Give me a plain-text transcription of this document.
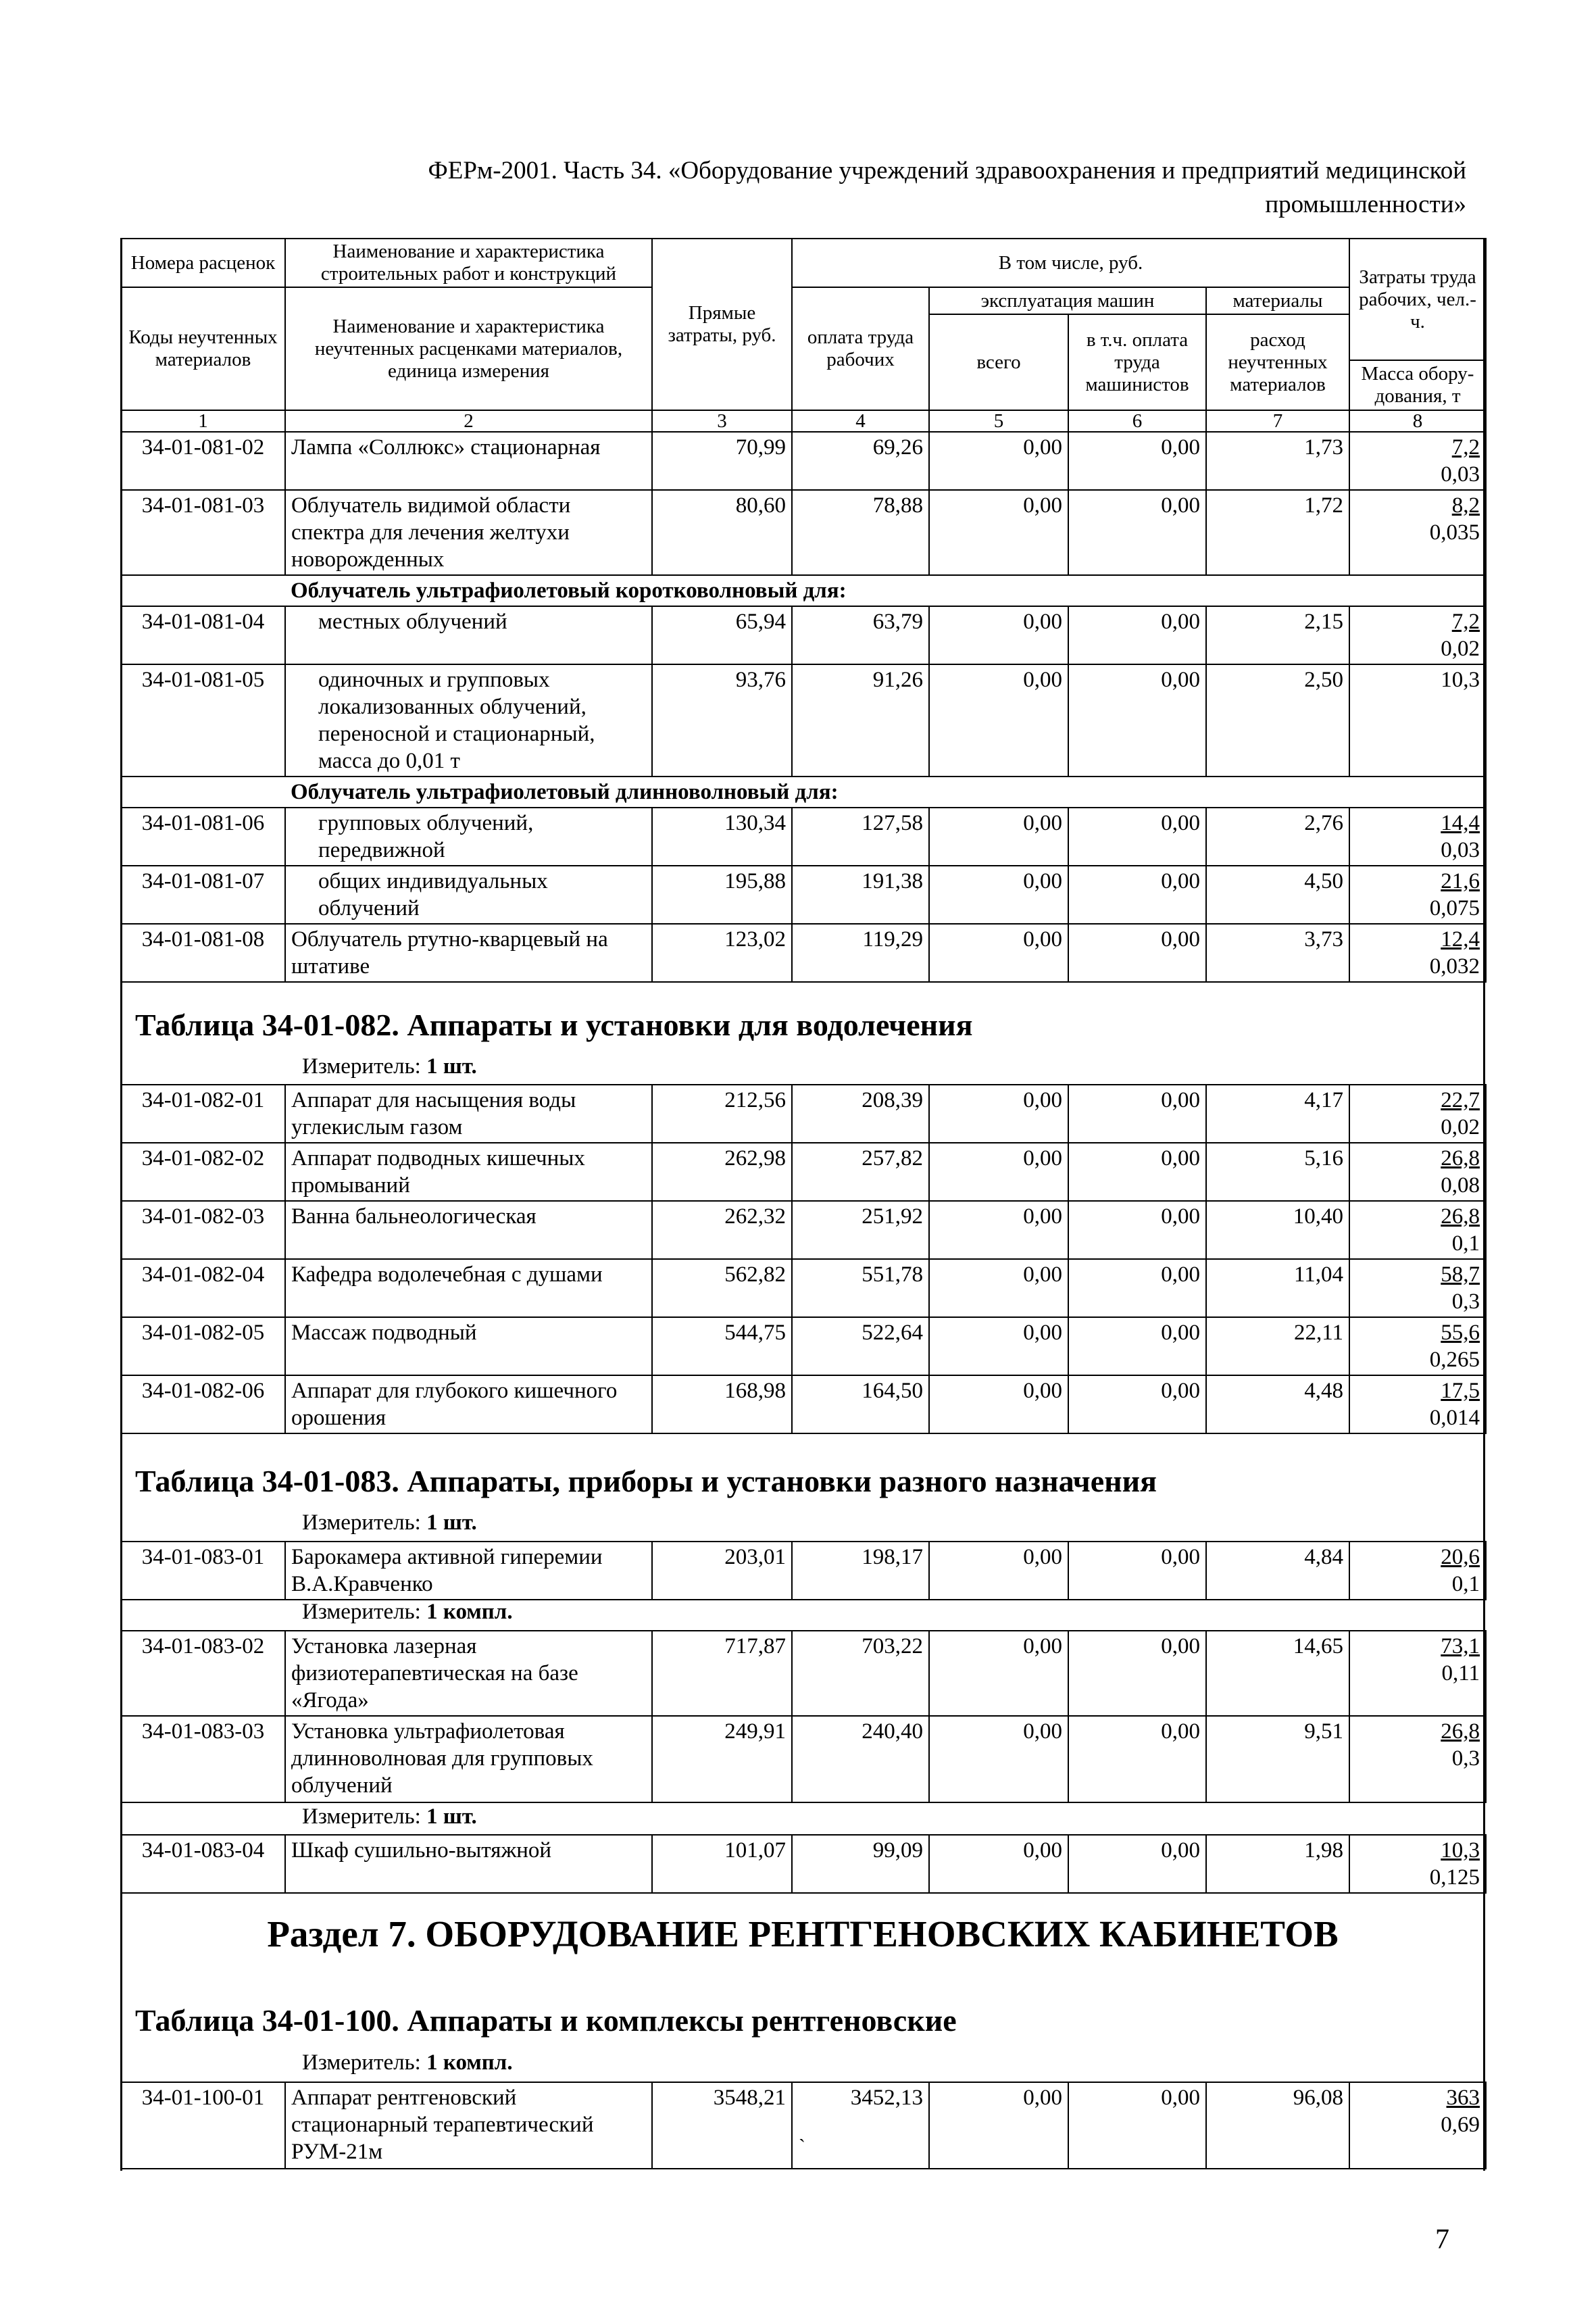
ФЕРм-2001. Часть 34. «Оборудование учреждений здравоохранения и предприятий медицинской
промышленности»
Номера расценок	Наименование и характеристика строительных работ и конструкций	Прямые затраты, руб.	В том числе, руб.				Затраты труда рабочих, чел.-ч.
Коды неучтенных материалов	Наименование и характеристика неучтенных расценками материалов, единица измерения		оплата труда рабочих	эксплуатация машин		материалы	
				всего	в т.ч. оплата труда машинистов	расход неучтенных материалов	
							Масса обору-дования, т
1	2	3	4	5	6	7	8
34-01-081-02	Лампа «Соллюкс» стационарная	70,99	69,26	0,00	0,00	1,73	7,2
0,03
34-01-081-03	Облучатель видимой области спектра для лечения желтухи новорожденных	80,60	78,88	0,00	0,00	1,72	8,2
0,035
Облучатель ультрафиолетовый коротковолновый для:							
34-01-081-04	местных облучений	65,94	63,79	0,00	0,00	2,15	7,2
0,02
34-01-081-05	одиночных и групповых локализованных облучений, переносной и стационарный, масса до 0,01 т	93,76	91,26	0,00	0,00	2,50	10,3
Облучатель ультрафиолетовый длинноволновый для:							
34-01-081-06	групповых облучений, передвижной	130,34	127,58	0,00	0,00	2,76	14,4
0,03
34-01-081-07	общих индивидуальных облучений	195,88	191,38	0,00	0,00	4,50	21,6
0,075
34-01-081-08	Облучатель ртутно-кварцевый на штативе	123,02	119,29	0,00	0,00	3,73	12,4
0,032
Таблица 34-01-082. Аппараты и установки для водолечения
Измеритель: 1 шт.
34-01-082-01	Аппарат для насыщения воды углекислым газом	212,56	208,39	0,00	0,00	4,17	22,7
0,02
34-01-082-02	Аппарат подводных кишечных промываний	262,98	257,82	0,00	0,00	5,16	26,8
0,08
34-01-082-03	Ванна бальнеологическая	262,32	251,92	0,00	0,00	10,40	26,8
0,1
34-01-082-04	Кафедра водолечебная с душами	562,82	551,78	0,00	0,00	11,04	58,7
0,3
34-01-082-05	Массаж подводный	544,75	522,64	0,00	0,00	22,11	55,6
0,265
34-01-082-06	Аппарат для глубокого кишечного орошения	168,98	164,50	0,00	0,00	4,48	17,5
0,014
Таблица 34-01-083. Аппараты, приборы и установки разного назначения
Измеритель: 1 шт.
34-01-083-01	Барокамера активной гиперемии В.А.Кравченко	203,01	198,17	0,00	0,00	4,84	20,6
0,1
Измеритель: 1 компл.
34-01-083-02	Установка лазерная физиотерапевтическая на базе «Ягода»	717,87	703,22	0,00	0,00	14,65	73,1
0,11
34-01-083-03	Установка ультрафиолетовая длинноволновая для групповых облучений	249,91	240,40	0,00	0,00	9,51	26,8
0,3
Измеритель: 1 шт.
34-01-083-04	Шкаф сушильно-вытяжной	101,07	99,09	0,00	0,00	1,98	10,3
0,125
Раздел 7. ОБОРУДОВАНИЕ РЕНТГЕНОВСКИХ КАБИНЕТОВ
Таблица 34-01-100. Аппараты и комплексы рентгеновские
Измеритель: 1 компл.
34-01-100-01	Аппарат рентгеновский стационарный терапевтический РУМ-21м	3548,21	3452,13	0,00	0,00	96,08	363
0,69
ˏ
7
